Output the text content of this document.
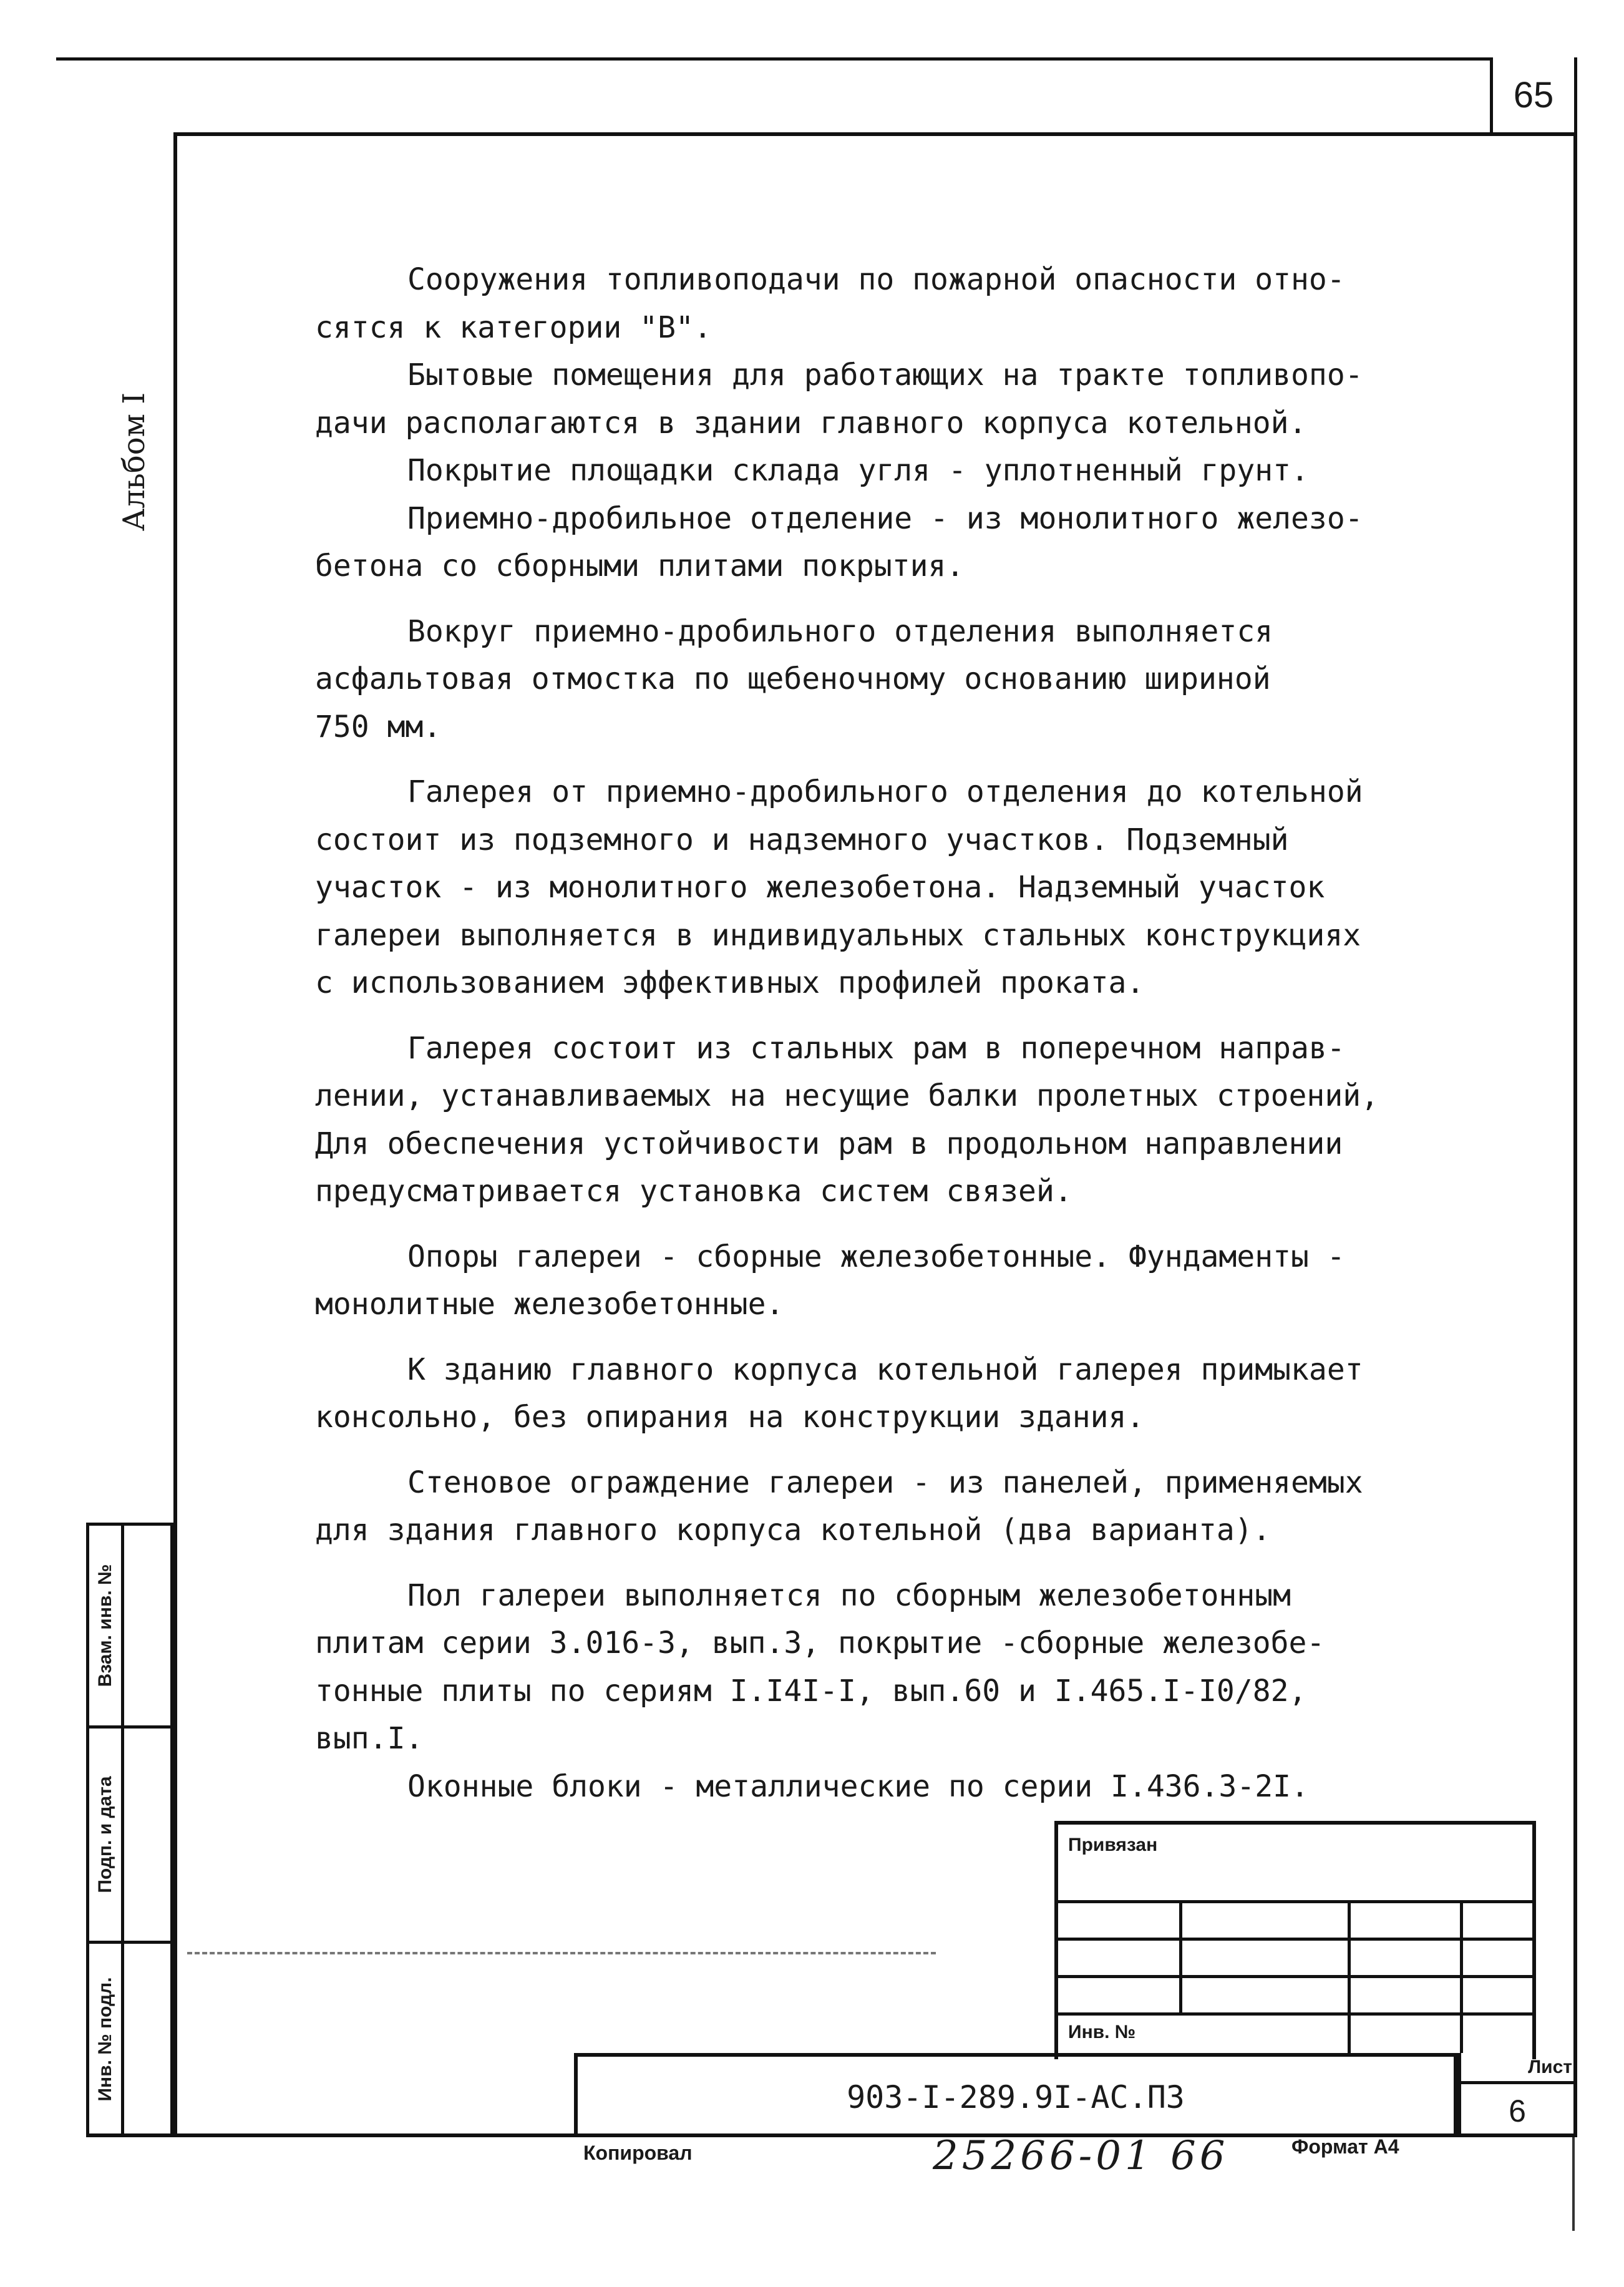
65
Альбом I
Взам. инв. №
Подп. и дата
Инв. № подл.

Сооружения топливоподачи по пожарной опасности отно-
сятся к категории "В".

Бытовые помещения для работающих на тракте топливопо-
дачи располагаются в здании главного корпуса котельной.

Покрытие площадки склада угля - уплотненный грунт.

Приемно-дробильное отделение - из монолитного железо-
бетона со сборными плитами покрытия.

Вокруг приемно-дробильного отделения выполняется
асфальтовая отмостка по щебеночному основанию шириной
750 мм.

Галерея от приемно-дробильного отделения до котельной
состоит из подземного и надземного участков. Подземный
участок - из монолитного железобетона. Надземный участок
галереи выполняется в индивидуальных стальных конструкциях
с использованием эффективных профилей проката.

Галерея состоит из стальных рам в поперечном направ-
лении, устанавливаемых на несущие балки пролетных строений,
Для обеспечения устойчивости рам в продольном направлении
предусматривается установка систем связей.

Опоры галереи - сборные железобетонные. Фундаменты -
монолитные железобетонные.

К зданию главного корпуса котельной галерея примыкает
консольно, без опирания на конструкции здания.

Стеновое ограждение галереи - из панелей, применяемых
для здания главного корпуса котельной (два варианта).

Пол галереи выполняется по сборным железобетонным
плитам серии 3.016-3, вып.3, покрытие -сборные железобе-
тонные плиты по сериям I.I4I-I, вып.60 и I.465.I-I0/82,
вып.I.

Оконные блоки - металлические по серии I.436.3-2I.

Привязан
Инв. №
903-I-289.9I-АС.ПЗ
Лист
6
Копировал	25266-01 66	Формат А4
